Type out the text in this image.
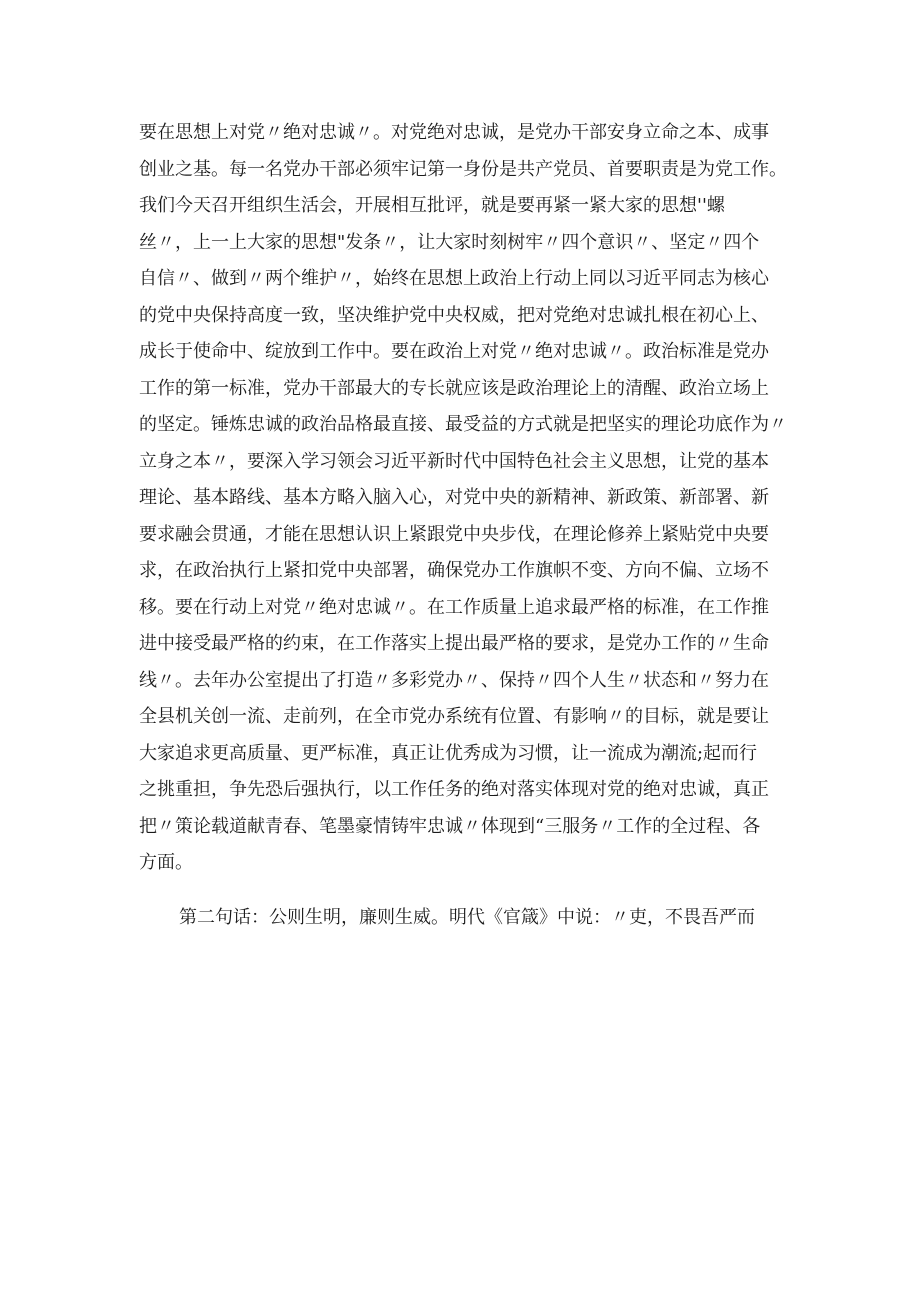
要在思想上对党〃绝对忠诚〃。对党绝对忠诚，是党办干部安身立命之本、成事
创业之基。每一名党办干部必须牢记第一身份是共产党员、首要职责是为党工作。
我们今天召开组织生活会，开展相互批评，就是要再紧一紧大家的思想''螺
丝〃，上一上大家的思想"发条〃，让大家时刻树牢〃四个意识〃、坚定〃四个
自信〃、做到〃两个维护〃，始终在思想上政治上行动上同以习近平同志为核心
的党中央保持高度一致，坚决维护党中央权威，把对党绝对忠诚扎根在初心上、
成长于使命中、绽放到工作中。要在政治上对党〃绝对忠诚〃。政治标准是党办
工作的第一标准，党办干部最大的专长就应该是政治理论上的清醒、政治立场上
的坚定。锤炼忠诚的政治品格最直接、最受益的方式就是把坚实的理论功底作为〃
立身之本〃，要深入学习领会习近平新时代中国特色社会主义思想，让党的基本
理论、基本路线、基本方略入脑入心，对党中央的新精神、新政策、新部署、新
要求融会贯通，才能在思想认识上紧跟党中央步伐，在理论修养上紧贴党中央要
求，在政治执行上紧扣党中央部署，确保党办工作旗帜不变、方向不偏、立场不
移。要在行动上对党〃绝对忠诚〃。在工作质量上追求最严格的标准，在工作推
进中接受最严格的约束，在工作落实上提出最严格的要求，是党办工作的〃生命
线〃。去年办公室提出了打造〃多彩党办〃、保持〃四个人生〃状态和〃努力在
全县机关创一流、走前列，在全市党办系统有位置、有影响〃的目标，就是要让
大家追求更高质量、更严标准，真正让优秀成为习惯，让一流成为潮流;起而行
之挑重担，争先恐后强执行，以工作任务的绝对落实体现对党的绝对忠诚，真正
把〃策论载道献青春、笔墨豪情铸牢忠诚〃体现到“三服务〃工作的全过程、各
方面。
第二句话：公则生明，廉则生威。明代《官箴》中说：〃吏，不畏吾严而
